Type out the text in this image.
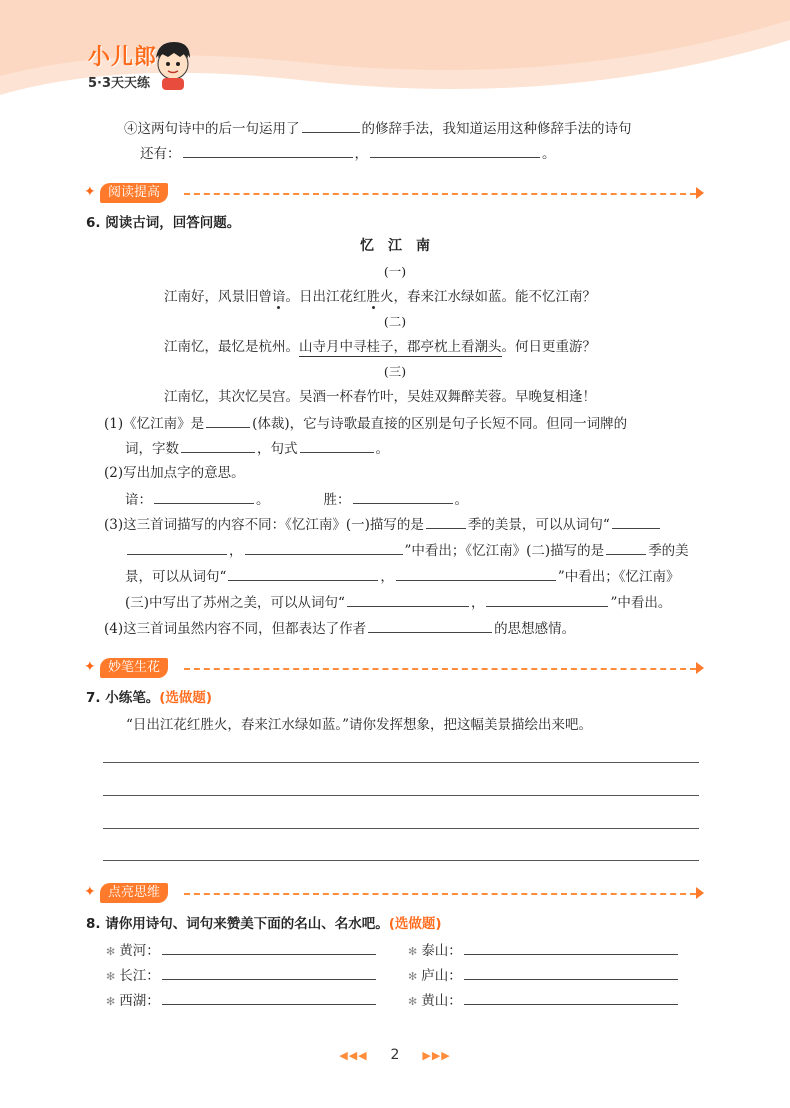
小儿郎
5·3天天练
④这两句诗中的后一句运用了	的修辞手法，我知道运用这种修辞手法的诗句
还有：	，	。
✦ 阅读提高
6. 阅读古词，回答问题。
忆　江　南
(一)
江南好，风景旧曾谙。日出江花红胜火，春来江水绿如蓝。能不忆江南？
(二)
江南忆，最忆是杭州。山寺月中寻桂子，郡亭枕上看潮头。何日更重游？
(三)
江南忆，其次忆吴宫。吴酒一杯春竹叶，吴娃双舞醉芙蓉。早晚复相逢！
(1)《忆江南》是	(体裁)，它与诗歌最直接的区别是句子长短不同。但同一词牌的
词，字数	，句式	。
(2)写出加点字的意思。
谙：	。	胜：	。
(3)这三首词描写的内容不同：《忆江南》(一)描写的是	季的美景，可以从词句“
，	”中看出；《忆江南》(二)描写的是	季的美
景，可以从词句“	，	”中看出；《忆江南》
(三)中写出了苏州之美，可以从词句“	，	”中看出。
(4)这三首词虽然内容不同，但都表达了作者	的思想感情。
✦ 妙笔生花
7. 小练笔。(选做题)
“日出江花红胜火，春来江水绿如蓝。”请你发挥想象，把这幅美景描绘出来吧。
✦ 点亮思维
8. 请你用诗句、词句来赞美下面的名山、名水吧。(选做题)
✻ 黄河：	✻ 泰山：
✻ 长江：	✻ 庐山：
✻ 西湖：	✻ 黄山：
◀◀◀ 2 ▶▶▶
